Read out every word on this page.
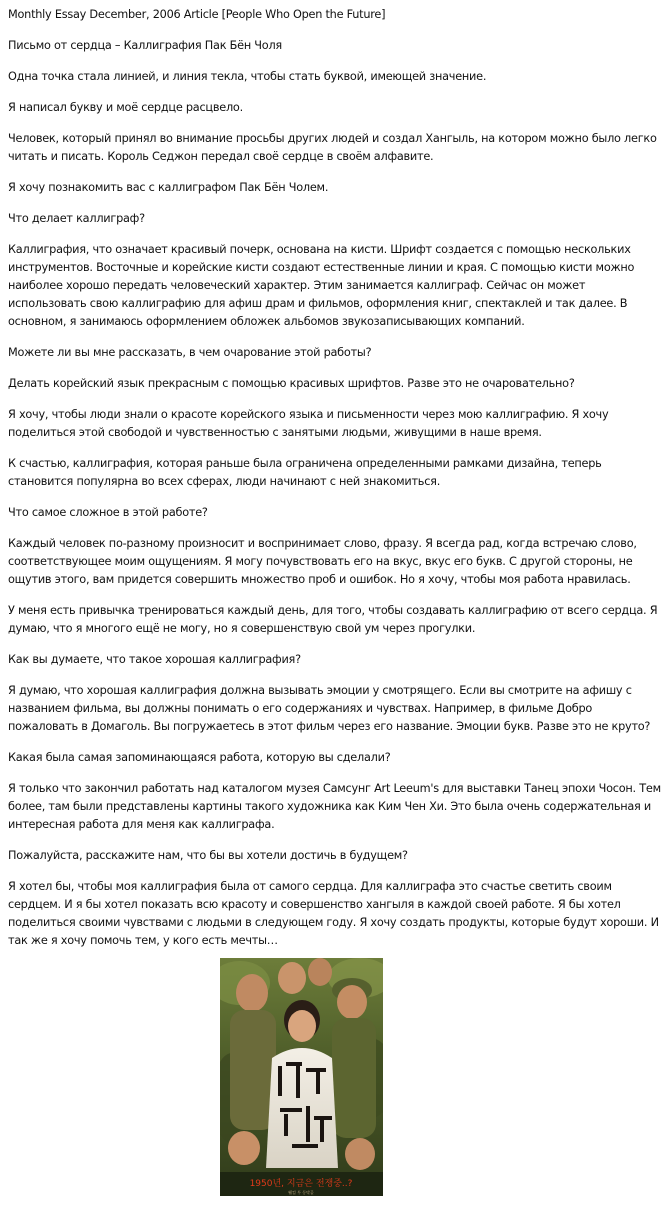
Monthly Essay December, 2006 Article [People Who Open the Future]

Письмо от сердца – Каллиграфия Пак Бён Чоля

Одна точка стала линией, и линия текла, чтобы стать буквой, имеющей значение.

Я написал букву и моё сердце расцвело.

Человек, который принял во внимание просьбы других людей и создал Хангыль, на котором можно было легко читать и писать. Король Седжон передал своё сердце в своём алфавите.

Я хочу познакомить вас с каллиграфом Пак Бён Чолем.

Что делает каллиграф?

Каллиграфия, что означает красивый почерк, основана на кисти. Шрифт создается с помощью нескольких инструментов. Восточные и корейские кисти создают естественные линии и края. С помощью кисти можно наиболее хорошо передать человеческий характер. Этим занимается каллиграф. Сейчас он может использовать свою каллиграфию для афиш драм и фильмов, оформления книг, спектаклей и так далее. В основном, я занимаюсь оформлением обложек альбомов звукозаписывающих компаний.

Можете ли вы мне рассказать, в чем очарование этой работы?

Делать корейский язык прекрасным с помощью красивых шрифтов. Разве это не очаровательно?

Я хочу, чтобы люди знали о красоте корейского языка и письменности через мою каллиграфию. Я хочу поделиться этой свободой и чувственностью с занятыми людьми, живущими в наше время.

К счастью, каллиграфия, которая раньше была ограничена определенными рамками дизайна, теперь становится популярна во всех сферах, люди начинают с ней знакомиться.

Что самое сложное в этой работе?

Каждый человек по-разному произносит и воспринимает слово, фразу. Я всегда рад, когда встречаю слово, соответствующее моим ощущениям. Я могу почувствовать его на вкус, вкус его букв. С другой стороны, не ощутив этого, вам придется совершить множество проб и ошибок. Но я хочу, чтобы моя работа нравилась.

У меня есть привычка тренироваться каждый день, для того, чтобы создавать каллиграфию от всего сердца. Я думаю, что я многого ещё не могу, но я совершенствую свой ум через прогулки.

Как вы думаете, что такое хорошая каллиграфия?

Я думаю, что хорошая каллиграфия должна вызывать эмоции у смотрящего. Если вы смотрите на афишу с названием фильма, вы должны понимать о его содержаниях и чувствах. Например, в фильме Добро пожаловать в Домаголь. Вы погружаетесь в этот фильм через его название. Эмоции букв. Разве это не круто?

Какая была самая запоминающаяся работа, которую вы сделали?

Я только что закончил работать над каталогом музея Самсунг Art Leeum's для выставки Танец эпохи Чосон. Тем более, там были представлены картины такого художника как Ким Чен Хи. Это была очень содержательная и интересная работа для меня как каллиграфа.

Пожалуйста, расскажите нам, что бы вы хотели достичь в будущем?

Я хотел бы, чтобы моя каллиграфия была от самого сердца. Для каллиграфа это счастье светить своим сердцем. И я бы хотел показать всю красоту и совершенство хангыля в каждой своей работе. Я бы хотел поделиться своими чувствами с людьми в следующем году. Я хочу создать продукты, которые будут хороши. И так же я хочу помочь тем, у кого есть мечты…

1950년, 지금은 전쟁중..?
웰컴 투 동막골
